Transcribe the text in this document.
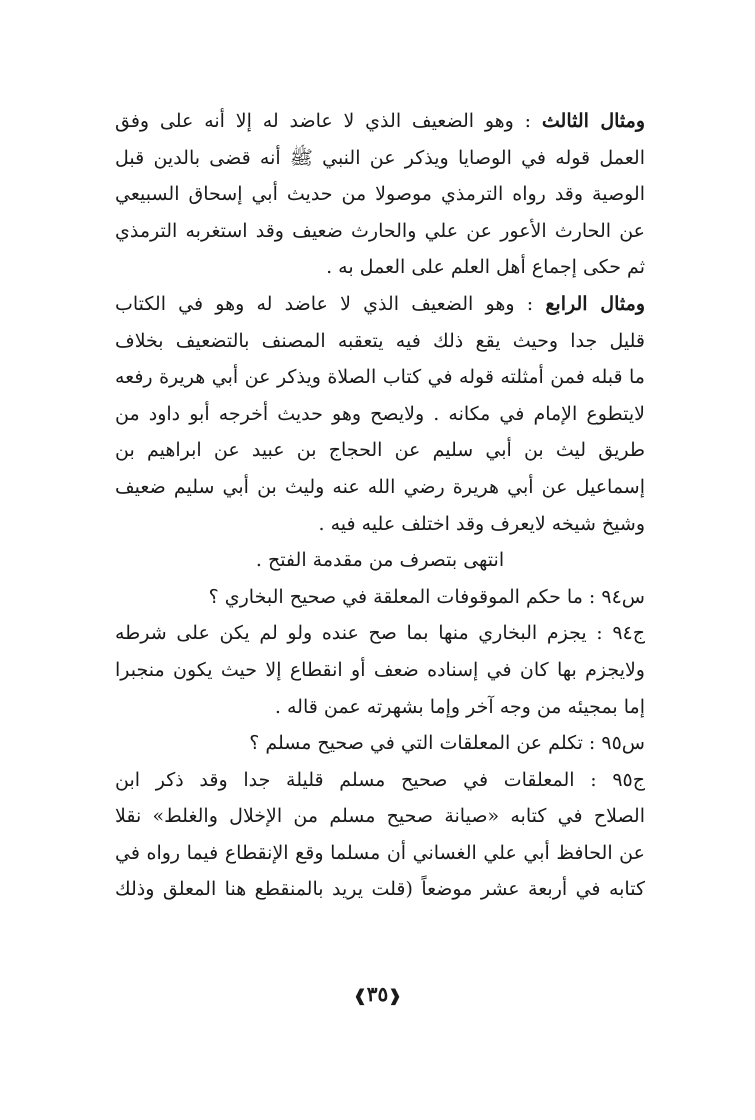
ومثال الثالث : وهو الضعيف الذي لا عاضد له إلا أنه على وفق
العمل قوله في الوصايا ويذكر عن النبي ﷺ أنه قضى بالدين قبل
الوصية وقد رواه الترمذي موصولا من حديث أبي إسحاق السبيعي
عن الحارث الأعور عن علي والحارث ضعيف وقد استغربه الترمذي
ثم حكى إجماع أهل العلم على العمل به .
ومثال الرابع : وهو الضعيف الذي لا عاضد له وهو في الكتاب
قليل جدا وحيث يقع ذلك فيه يتعقبه المصنف بالتضعيف بخلاف
ما قبله فمن أمثلته قوله في كتاب الصلاة ويذكر عن أبي هريرة رفعه
لايتطوع الإمام في مكانه . ولايصح وهو حديث أخرجه أبو داود من
طريق ليث بن أبي سليم عن الحجاج بن عبيد عن ابراهيم بن
إسماعيل عن أبي هريرة رضي الله عنه وليث بن أبي سليم ضعيف
وشيخ شيخه لايعرف وقد اختلف عليه فيه .
انتهى بتصرف من مقدمة الفتح .
س٩٤ : ما حكم الموقوفات المعلقة في صحيح البخاري ؟
ج٩٤ : يجزم البخاري منها بما صح عنده ولو لم يكن على شرطه
ولايجزم بها كان في إسناده ضعف أو انقطاع إلا حيث يكون منجبرا
إما بمجيئه من وجه آخر وإما بشهرته عمن قاله .
س٩٥ : تكلم عن المعلقات التي في صحيح مسلم ؟
ج٩٥ : المعلقات في صحيح مسلم قليلة جدا وقد ذكر ابن
الصلاح في كتابه «صيانة صحيح مسلم من الإخلال والغلط» نقلا
عن الحافظ أبي علي الغساني أن مسلما وقع الإنقطاع فيما رواه في
كتابه في أربعة عشر موضعاً (قلت يريد بالمنقطع هنا المعلق وذلك
❰٣٥❱
